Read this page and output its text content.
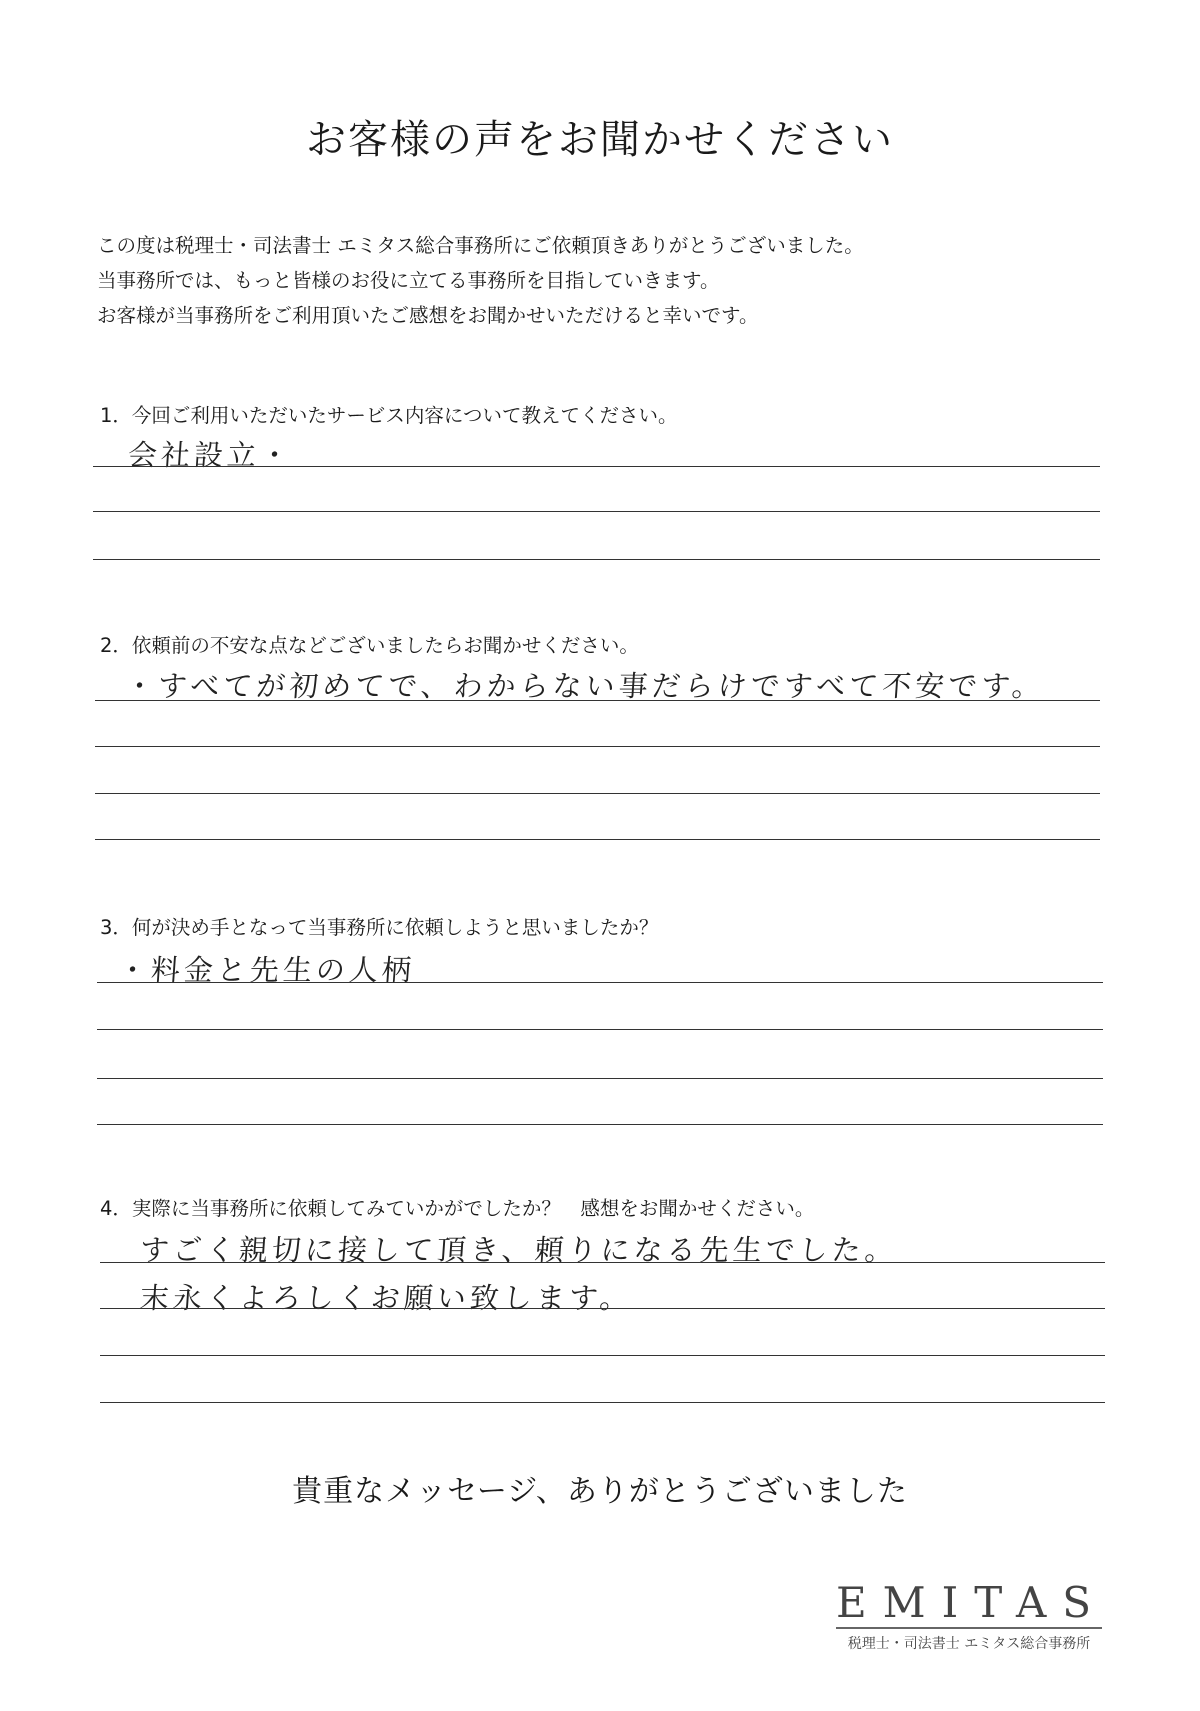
お客様の声をお聞かせください
この度は税理士・司法書士 エミタス総合事務所にご依頼頂きありがとうございました。
当事務所では、もっと皆様のお役に立てる事務所を目指していきます。
お客様が当事務所をご利用頂いたご感想をお聞かせいただけると幸いです。
1．今回ご利用いただいたサービス内容について教えてください。
会社設立・
2．依頼前の不安な点などございましたらお聞かせください。
・すべてが初めてで、わからない事だらけですべて不安です。
3．何が決め手となって当事務所に依頼しようと思いましたか？
・料金と先生の人柄
4．実際に当事務所に依頼してみていかがでしたか？　感想をお聞かせください。
すごく親切に接して頂き、頼りになる先生でした。
末永くよろしくお願い致します。
貴重なメッセージ、ありがとうございました
EMITAS
税理士・司法書士 エミタス総合事務所
